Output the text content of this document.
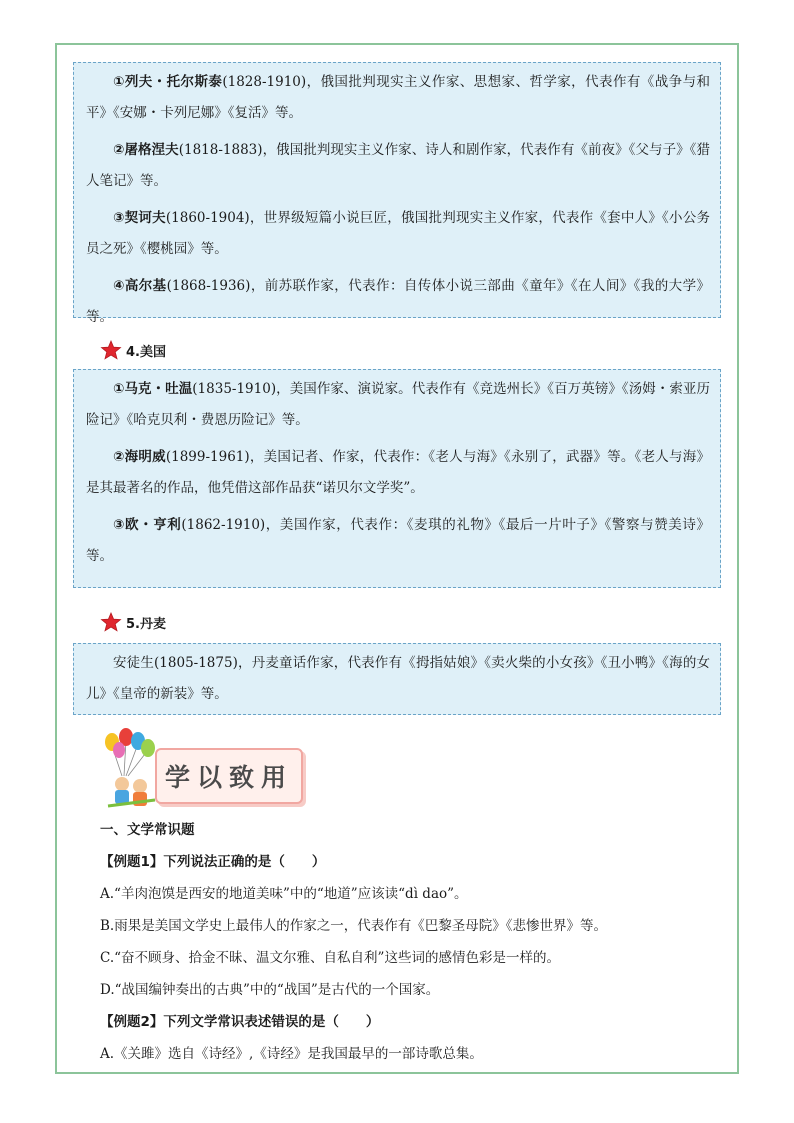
①列夫・托尔斯泰(1828-1910)，俄国批判现实主义作家、思想家、哲学家，代表作有《战争与和平》《安娜・卡列尼娜》《复活》等。

②屠格涅夫(1818-1883)，俄国批判现实主义作家、诗人和剧作家，代表作有《前夜》《父与子》《猎人笔记》等。

③契诃夫(1860-1904)，世界级短篇小说巨匠，俄国批判现实主义作家，代表作《套中人》《小公务员之死》《樱桃园》等。

④高尔基(1868-1936)，前苏联作家，代表作：自传体小说三部曲《童年》《在人间》《我的大学》等。

4.美国

①马克・吐温(1835-1910)，美国作家、演说家。代表作有《竞选州长》《百万英镑》《汤姆・索亚历险记》《哈克贝利・费恩历险记》等。

②海明威(1899-1961)，美国记者、作家，代表作：《老人与海》《永别了，武器》等。《老人与海》是其最著名的作品，他凭借这部作品获“诺贝尔文学奖”。

③欧・亨利(1862-1910)，美国作家，代表作：《麦琪的礼物》《最后一片叶子》《警察与赞美诗》等。

5.丹麦

安徒生(1805-1875)，丹麦童话作家，代表作有《拇指姑娘》《卖火柴的小女孩》《丑小鸭》《海的女儿》《皇帝的新装》等。

学以致用

一、文学常识题

【例题1】下列说法正确的是（　　）

A.“羊肉泡馍是西安的地道美味”中的“地道”应该读“dì dao”。

B.雨果是美国文学史上最伟人的作家之一，代表作有《巴黎圣母院》《悲惨世界》等。

C.“奋不顾身、拾金不昧、温文尔雅、自私自利”这些词的感情色彩是一样的。

D.“战国编钟奏出的古典”中的“战国”是古代的一个国家。

【例题2】下列文学常识表述错误的是（　　）

A.《关雎》选自《诗经》,《诗经》是我国最早的一部诗歌总集。
